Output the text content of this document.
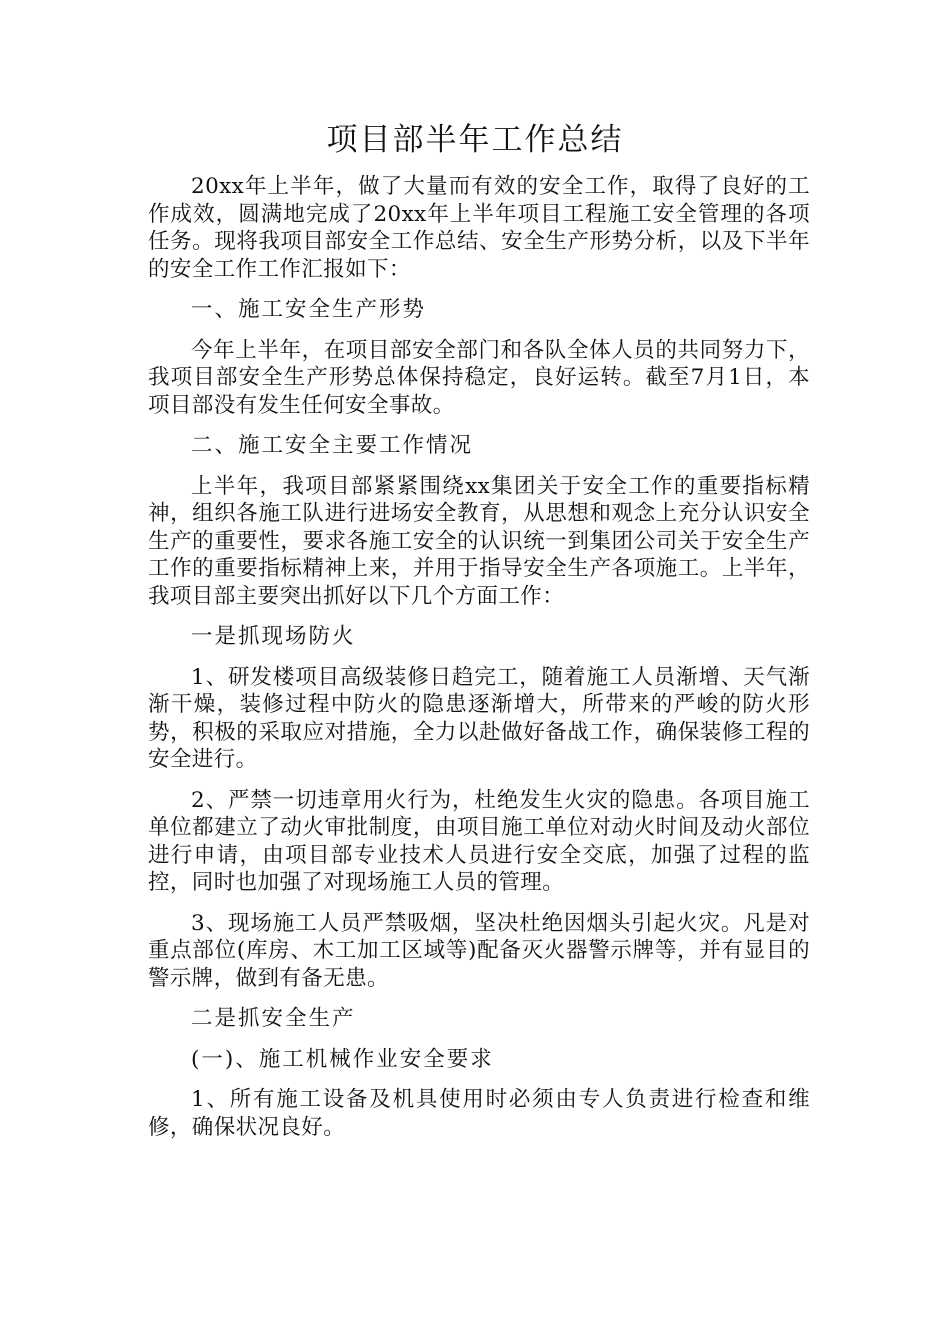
项目部半年工作总结

20xx年上半年，做了大量而有效的安全工作，取得了良好的工作成效，圆满地完成了20xx年上半年项目工程施工安全管理的各项任务。现将我项目部安全工作总结、安全生产形势分析，以及下半年的安全工作工作汇报如下：

一、施工安全生产形势

今年上半年，在项目部安全部门和各队全体人员的共同努力下，我项目部安全生产形势总体保持稳定，良好运转。截至7月1日，本项目部没有发生任何安全事故。

二、施工安全主要工作情况

上半年，我项目部紧紧围绕xx集团关于安全工作的重要指标精神，组织各施工队进行进场安全教育，从思想和观念上充分认识安全生产的重要性，要求各施工安全的认识统一到集团公司关于安全生产工作的重要指标精神上来，并用于指导安全生产各项施工。上半年，我项目部主要突出抓好以下几个方面工作：

一是抓现场防火

1、研发楼项目高级装修日趋完工，随着施工人员渐增、天气渐渐干燥，装修过程中防火的隐患逐渐增大，所带来的严峻的防火形势，积极的采取应对措施，全力以赴做好备战工作，确保装修工程的安全进行。

2、严禁一切违章用火行为，杜绝发生火灾的隐患。各项目施工单位都建立了动火审批制度，由项目施工单位对动火时间及动火部位进行申请，由项目部专业技术人员进行安全交底，加强了过程的监控，同时也加强了对现场施工人员的管理。

3、现场施工人员严禁吸烟，坚决杜绝因烟头引起火灾。凡是对重点部位(库房、木工加工区域等)配备灭火器警示牌等，并有显目的警示牌，做到有备无患。

二是抓安全生产

(一)、施工机械作业安全要求

1、所有施工设备及机具使用时必须由专人负责进行检查和维修，确保状况良好。
